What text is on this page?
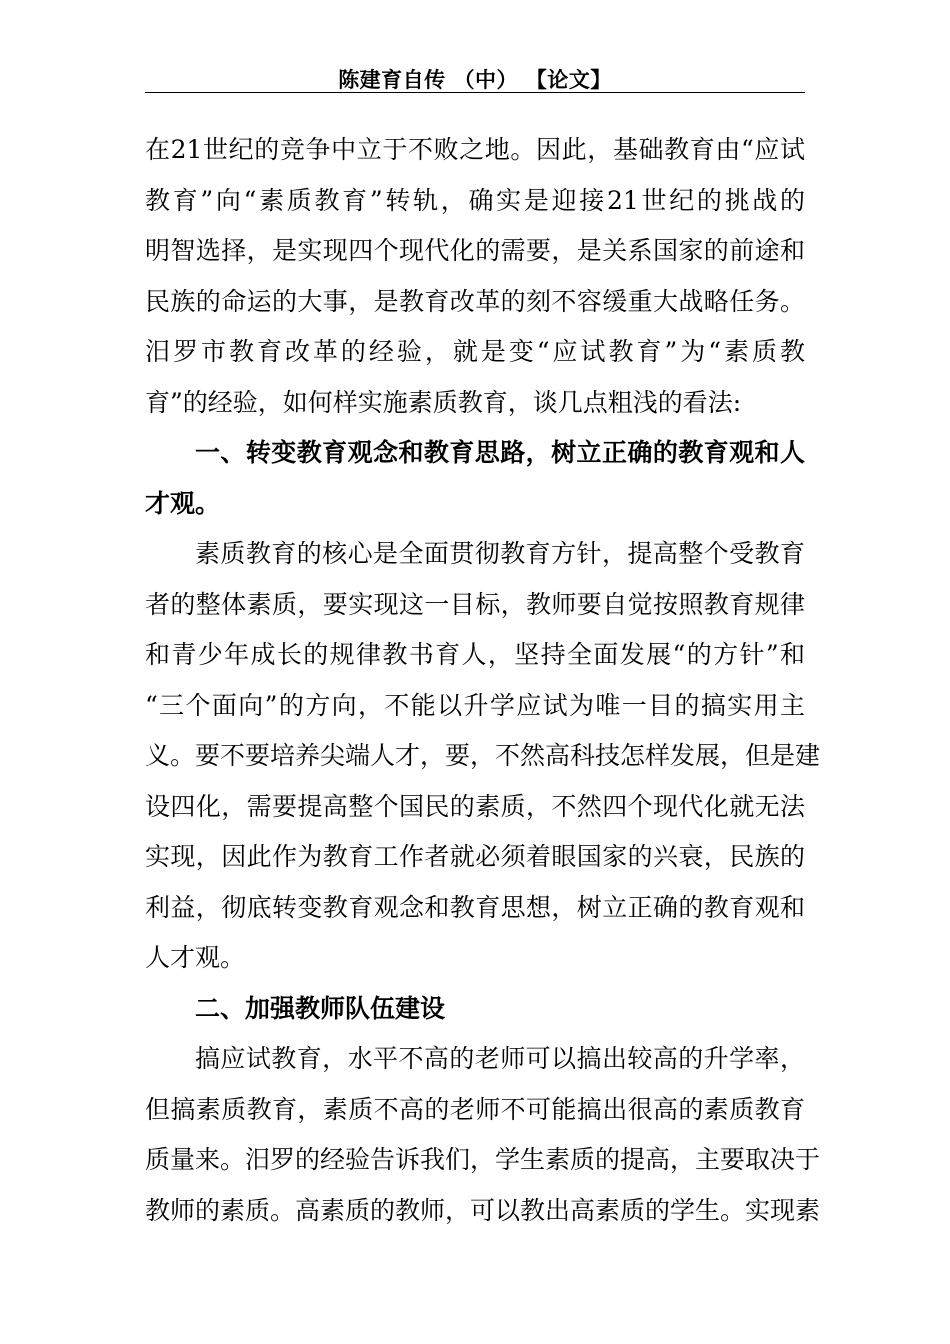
陈建育自传 （中） 【论文】
在21世纪的竞争中立于不败之地。因此，基础教育由“应试
教育”向“素质教育”转轨，确实是迎接21世纪的挑战的
明智选择，是实现四个现代化的需要，是关系国家的前途和
民族的命运的大事，是教育改革的刻不容缓重大战略任务。
汨罗市教育改革的经验，就是变“应试教育”为“素质教
育”的经验，如何样实施素质教育，谈几点粗浅的看法:
一、转变教育观念和教育思路，树立正确的教育观和人
才观。
素质教育的核心是全面贯彻教育方针，提高整个受教育
者的整体素质，要实现这一目标，教师要自觉按照教育规律
和青少年成长的规律教书育人，坚持全面发展“的方针”和
“三个面向”的方向，不能以升学应试为唯一目的搞实用主
义。要不要培养尖端人才，要，不然高科技怎样发展，但是建
设四化，需要提高整个国民的素质，不然四个现代化就无法
实现，因此作为教育工作者就必须着眼国家的兴衰，民族的
利益，彻底转变教育观念和教育思想，树立正确的教育观和
人才观。
二、加强教师队伍建设
搞应试教育，水平不高的老师可以搞出较高的升学率，
但搞素质教育，素质不高的老师不可能搞出很高的素质教育
质量来。汨罗的经验告诉我们，学生素质的提高，主要取决于
教师的素质。高素质的教师，可以教出高素质的学生。实现素
